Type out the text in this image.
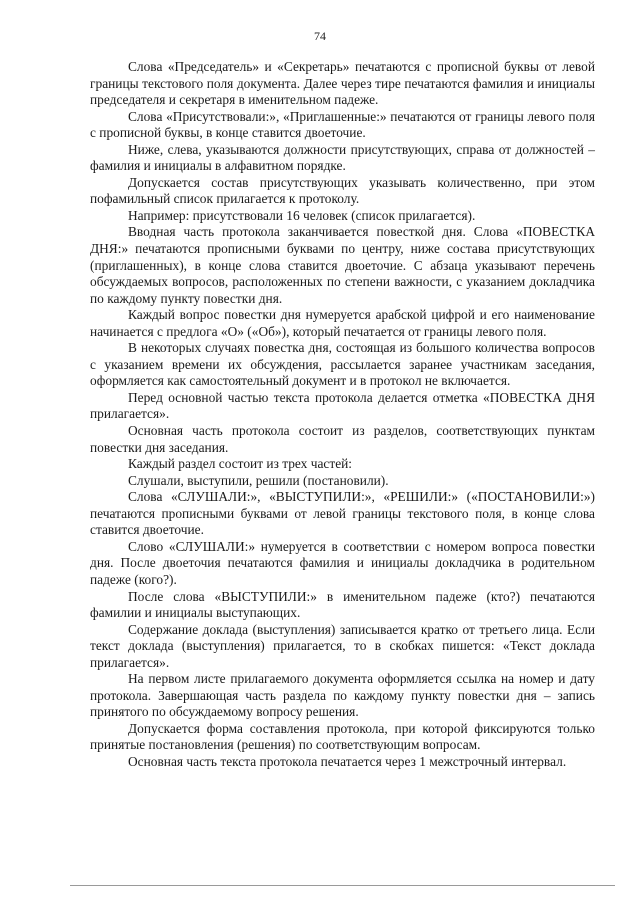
74

Слова «Председатель» и «Секретарь» печатаются с прописной буквы от левой границы текстового поля документа. Далее через тире печатаются фамилия и инициалы председателя и секретаря в именительном падеже.

Слова «Присутствовали:», «Приглашенные:» печатаются от границы левого поля с прописной буквы, в конце ставится двоеточие.

Ниже, слева, указываются должности присутствующих, справа от должностей – фамилия и инициалы в алфавитном порядке.

Допускается состав присутствующих указывать количественно, при этом пофамильный список прилагается к протоколу.

Например: присутствовали 16 человек (список прилагается).

Вводная часть протокола заканчивается повесткой дня. Слова «ПОВЕСТКА ДНЯ:» печатаются прописными буквами по центру, ниже состава присутствующих (приглашенных), в конце слова ставится двоеточие. С абзаца указывают перечень обсуждаемых вопросов, расположенных по степени важности, с указанием докладчика по каждому пункту повестки дня.

Каждый вопрос повестки дня нумеруется арабской цифрой и его наименование начинается с предлога «О» («Об»), который печатается от границы левого поля.

В некоторых случаях повестка дня, состоящая из большого количества вопросов с указанием времени их обсуждения, рассылается заранее участникам заседания, оформляется как самостоятельный документ и в протокол не включается.

Перед основной частью текста протокола делается отметка «ПОВЕСТКА ДНЯ прилагается».

Основная часть протокола состоит из разделов, соответствующих пунктам повестки дня заседания.

Каждый раздел состоит из трех частей:

Слушали, выступили, решили (постановили).

Слова «СЛУШАЛИ:», «ВЫСТУПИЛИ:», «РЕШИЛИ:» («ПОСТАНОВИЛИ:») печатаются прописными буквами от левой границы текстового поля, в конце слова ставится двоеточие.

Слово «СЛУШАЛИ:» нумеруется в соответствии с номером вопроса повестки дня. После двоеточия печатаются фамилия и инициалы докладчика в родительном падеже (кого?).

После слова «ВЫСТУПИЛИ:» в именительном падеже (кто?) печатаются фамилии и инициалы выступающих.

Содержание доклада (выступления) записывается кратко от третьего лица. Если текст доклада (выступления) прилагается, то в скобках пишется: «Текст доклада прилагается».

На первом листе прилагаемого документа оформляется ссылка на номер и дату протокола. Завершающая часть раздела по каждому пункту повестки дня – запись принятого по обсуждаемому вопросу решения.

Допускается форма составления протокола, при которой фиксируются только принятые постановления (решения) по соответствующим вопросам.

Основная часть текста протокола печатается через 1 межстрочный интервал.
